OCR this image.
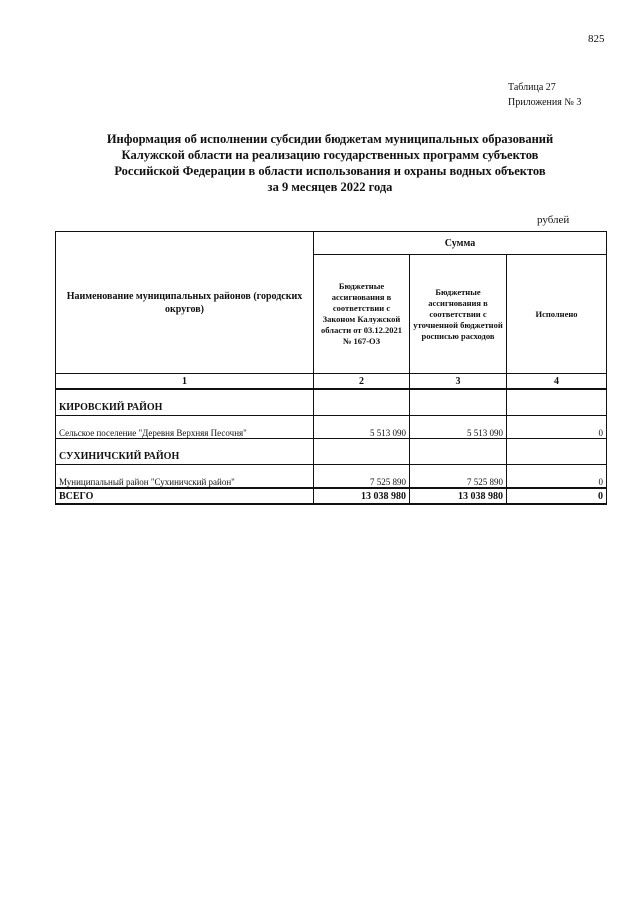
825
Таблица 27
Приложения № 3
Информация об исполнении субсидии бюджетам муниципальных образований
Калужской области на реализацию государственных программ субъектов
Российской Федерации в области использования и охраны водных объектов
за 9 месяцев 2022 года
рублей
Наименование муниципальных районов (городских округов)	Сумма		
	Бюджетные ассигнования в соответствии с Законом Калужской области от 03.12.2021 № 167-ОЗ	Бюджетные ассигнования в соответствии с уточненной бюджетной росписью расходов	Исполнено
1	2	3	4
КИРОВСКИЙ РАЙОН			
Сельское поселение "Деревня Верхняя Песочня"	5 513 090	5 513 090	0
СУХИНИЧСКИЙ РАЙОН			
Муниципальный район "Сухиничский район"	7 525 890	7 525 890	0
ВСЕГО	13 038 980	13 038 980	0
